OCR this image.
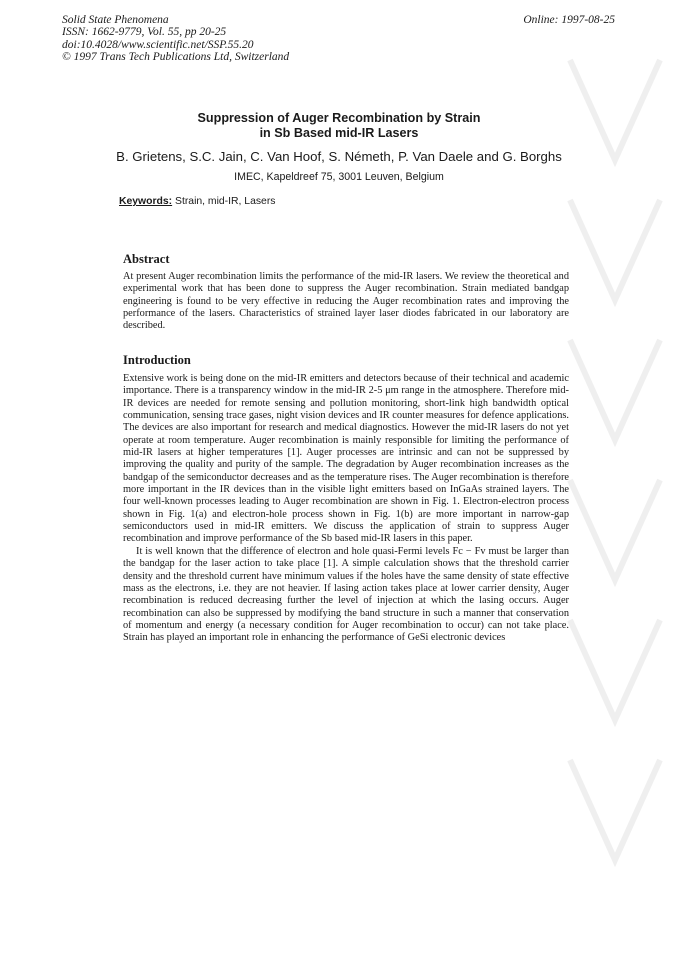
Solid State Phenomena
ISSN: 1662-9779, Vol. 55, pp 20-25
doi:10.4028/www.scientific.net/SSP.55.20
© 1997 Trans Tech Publications Ltd, Switzerland
Online: 1997-08-25
Suppression of Auger Recombination by Strain
in Sb Based mid-IR Lasers
B. Grietens, S.C. Jain, C. Van Hoof, S. Németh, P. Van Daele and G. Borghs
IMEC, Kapeldreef 75, 3001 Leuven, Belgium
Keywords: Strain, mid-IR, Lasers
Abstract

At present Auger recombination limits the performance of the mid-IR lasers. We review the theoretical and experimental work that has been done to suppress the Auger recombination. Strain mediated bandgap engineering is found to be very effective in reducing the Auger recombination rates and improving the performance of the lasers. Characteristics of strained layer laser diodes fabricated in our laboratory are described.

Introduction

Extensive work is being done on the mid-IR emitters and detectors because of their technical and academic importance. There is a transparency window in the mid-IR 2-5 μm range in the atmosphere. Therefore mid-IR devices are needed for remote sensing and pollution monitoring, short-link high bandwidth optical communication, sensing trace gases, night vision devices and IR counter measures for defence applications. The devices are also important for research and medical diagnostics. However the mid-IR lasers do not yet operate at room temperature. Auger recombination is mainly responsible for limiting the performance of mid-IR lasers at higher temperatures [1]. Auger processes are intrinsic and can not be suppressed by improving the quality and purity of the sample. The degradation by Auger recombination increases as the bandgap of the semiconductor decreases and as the temperature rises. The Auger recombination is therefore more important in the IR devices than in the visible light emitters based on InGaAs strained layers. The four well-known processes leading to Auger recombination are shown in Fig. 1. Electron-electron process shown in Fig. 1(a) and electron-hole process shown in Fig. 1(b) are more important in narrow-gap semiconductors used in mid-IR emitters. We discuss the application of strain to suppress Auger recombination and improve performance of the Sb based mid-IR lasers in this paper.

It is well known that the difference of electron and hole quasi-Fermi levels Fc − Fv must be larger than the bandgap for the laser action to take place [1]. A simple calculation shows that the threshold carrier density and the threshold current have minimum values if the holes have the same density of state effective mass as the electrons, i.e. they are not heavier. If lasing action takes place at lower carrier density, Auger recombination is reduced decreasing further the level of injection at which the lasing occurs. Auger recombination can also be suppressed by modifying the band structure in such a manner that conservation of momentum and energy (a necessary condition for Auger recombination to occur) can not take place. Strain has played an important role in enhancing the performance of GeSi electronic devices
